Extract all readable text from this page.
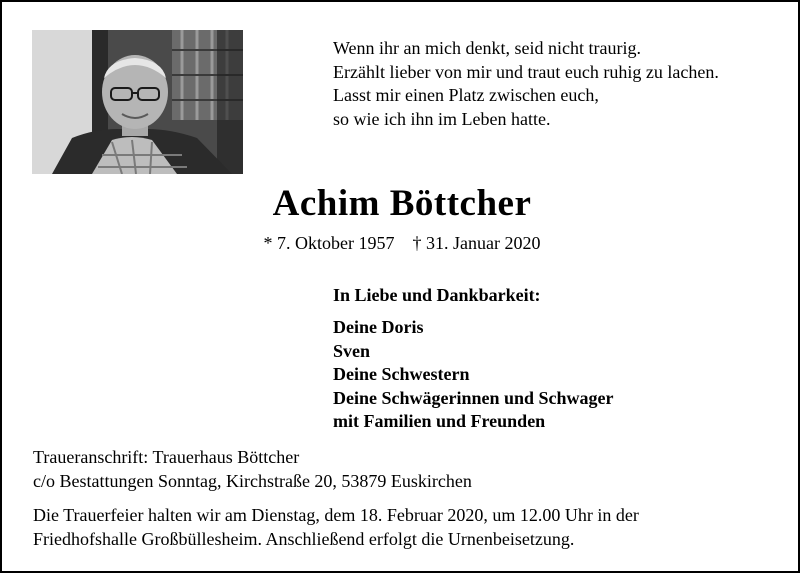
Wenn ihr an mich denkt, seid nicht traurig.
Erzählt lieber von mir und traut euch ruhig zu lachen.
Lasst mir einen Platz zwischen euch,
so wie ich ihn im Leben hatte.
Achim Böttcher
* 7. Oktober 1957    † 31. Januar 2020
In Liebe und Dankbarkeit:
Deine Doris
Sven
Deine Schwestern
Deine Schwägerinnen und Schwager
mit Familien und Freunden
Traueranschrift: Trauerhaus Böttcher
c/o Bestattungen Sonntag, Kirchstraße 20, 53879 Euskirchen
Die Trauerfeier halten wir am Dienstag, dem 18. Februar 2020, um 12.00 Uhr in der
Friedhofshalle Großbüllesheim. Anschließend erfolgt die Urnenbeisetzung.
